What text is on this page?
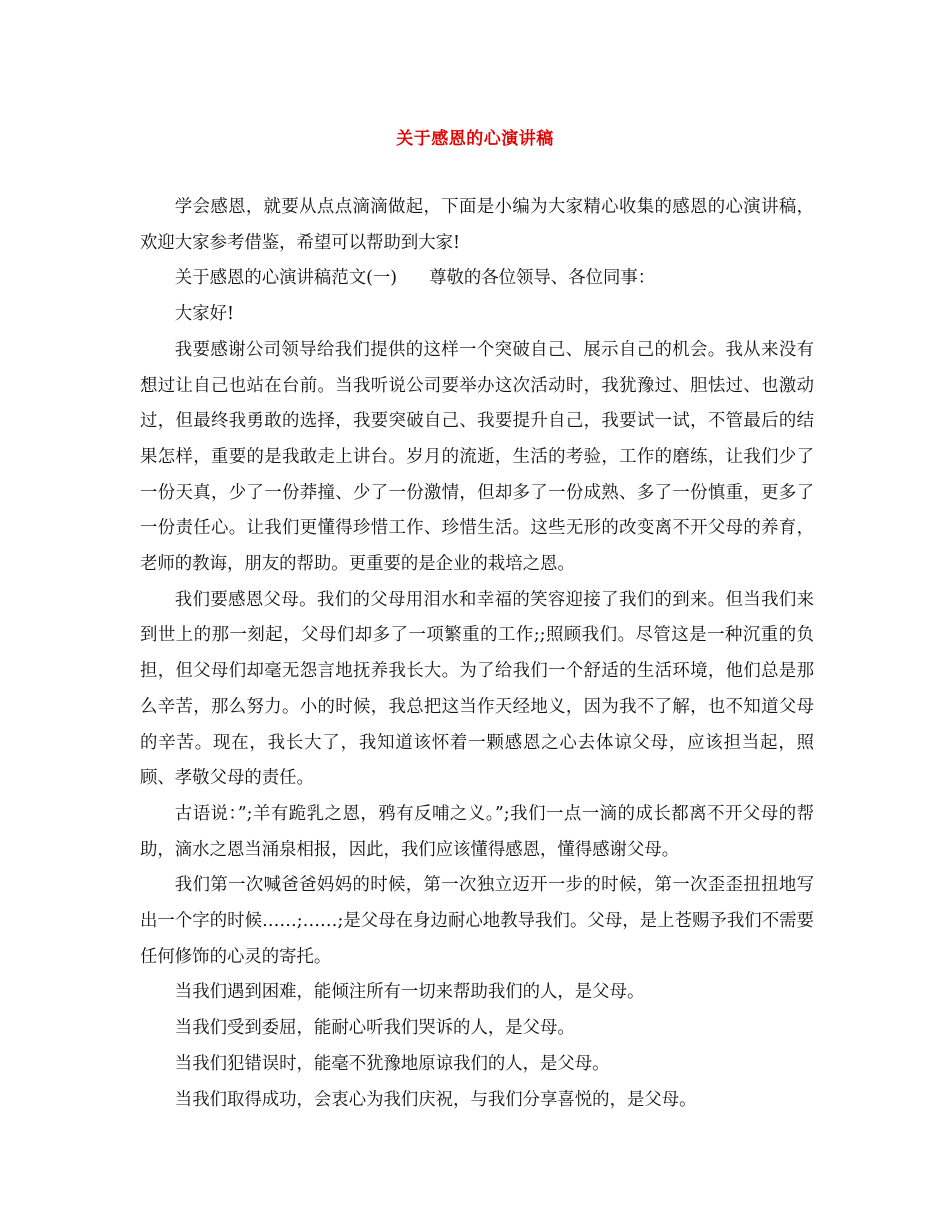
关于感恩的心演讲稿

学会感恩，就要从点点滴滴做起，下面是小编为大家精心收集的感恩的心演讲稿，欢迎大家参考借鉴，希望可以帮助到大家!

关于感恩的心演讲稿范文(一) 尊敬的各位领导、各位同事：

大家好!

我要感谢公司领导给我们提供的这样一个突破自己、展示自己的机会。我从来没有想过让自己也站在台前。当我听说公司要举办这次活动时，我犹豫过、胆怯过、也激动过，但最终我勇敢的选择，我要突破自己、我要提升自己，我要试一试，不管最后的结果怎样，重要的是我敢走上讲台。岁月的流逝，生活的考验，工作的磨练，让我们少了一份天真，少了一份莽撞、少了一份激情，但却多了一份成熟、多了一份慎重，更多了一份责任心。让我们更懂得珍惜工作、珍惜生活。这些无形的改变离不开父母的养育，老师的教诲，朋友的帮助。更重要的是企业的栽培之恩。

我们要感恩父母。我们的父母用泪水和幸福的笑容迎接了我们的到来。但当我们来到世上的那一刻起，父母们却多了一项繁重的工作;;照顾我们。尽管这是一种沉重的负担，但父母们却毫无怨言地抚养我长大。为了给我们一个舒适的生活环境，他们总是那么辛苦，那么努力。小的时候，我总把这当作天经地义，因为我不了解，也不知道父母的辛苦。现在，我长大了，我知道该怀着一颗感恩之心去体谅父母，应该担当起，照顾、孝敬父母的责任。

古语说：”;羊有跪乳之恩，鸦有反哺之义。”;我们一点一滴的成长都离不开父母的帮助，滴水之恩当涌泉相报，因此，我们应该懂得感恩，懂得感谢父母。

我们第一次喊爸爸妈妈的时候，第一次独立迈开一步的时候，第一次歪歪扭扭地写出一个字的时候……;……;是父母在身边耐心地教导我们。父母，是上苍赐予我们不需要任何修饰的心灵的寄托。

当我们遇到困难，能倾注所有一切来帮助我们的人，是父母。

当我们受到委屈，能耐心听我们哭诉的人，是父母。

当我们犯错误时，能毫不犹豫地原谅我们的人，是父母。

当我们取得成功，会衷心为我们庆祝，与我们分享喜悦的，是父母。
